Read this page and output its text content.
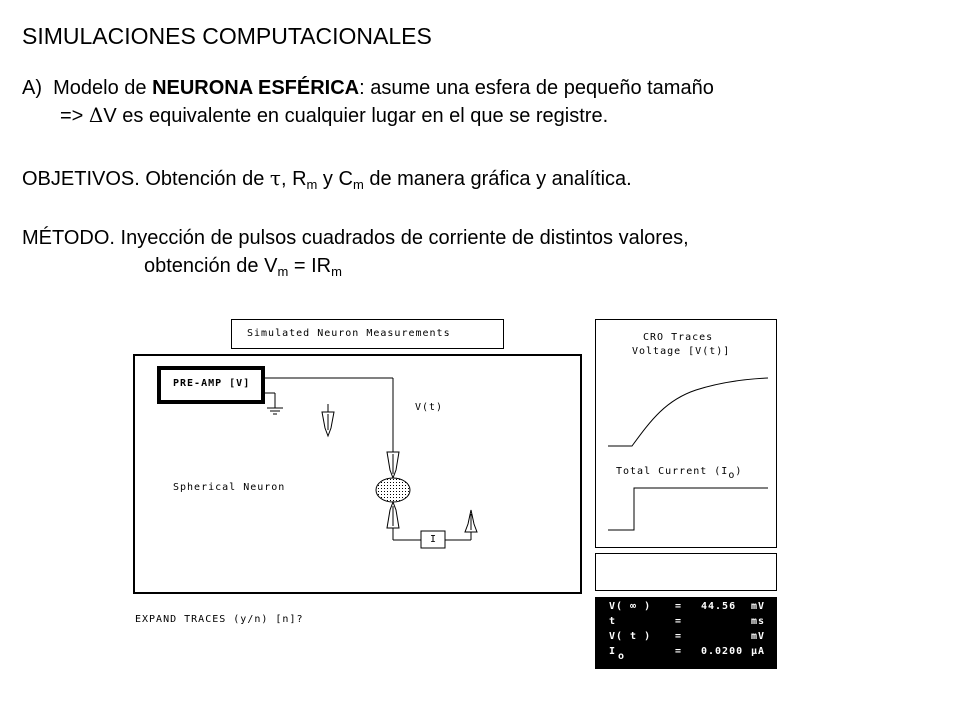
SIMULACIONES COMPUTACIONALES
A)  Modelo de NEURONA ESFÉRICA: asume una esfera de pequeño tamaño
=> ΔV es equivalente en cualquier lugar en el que se registre.
OBJETIVOS. Obtención de τ, $R_m$ y $C_m$ de manera gráfica y analítica.
MÉTODO. Inyección de pulsos cuadrados de corriente de distintos valores,
obtención de $V_m = IR_m$
Simulated Neuron Measurements
PRE-AMP [V]
V(t)
Spherical Neuron
I
EXPAND TRACES (y/n) [n]?
CRO Traces
Voltage [V(t)]
Total Current (Io)
V( ∞ ) = 44.56 mV
t	=	ms
V( t ) =	mV
I o	= 0.0200 μA
